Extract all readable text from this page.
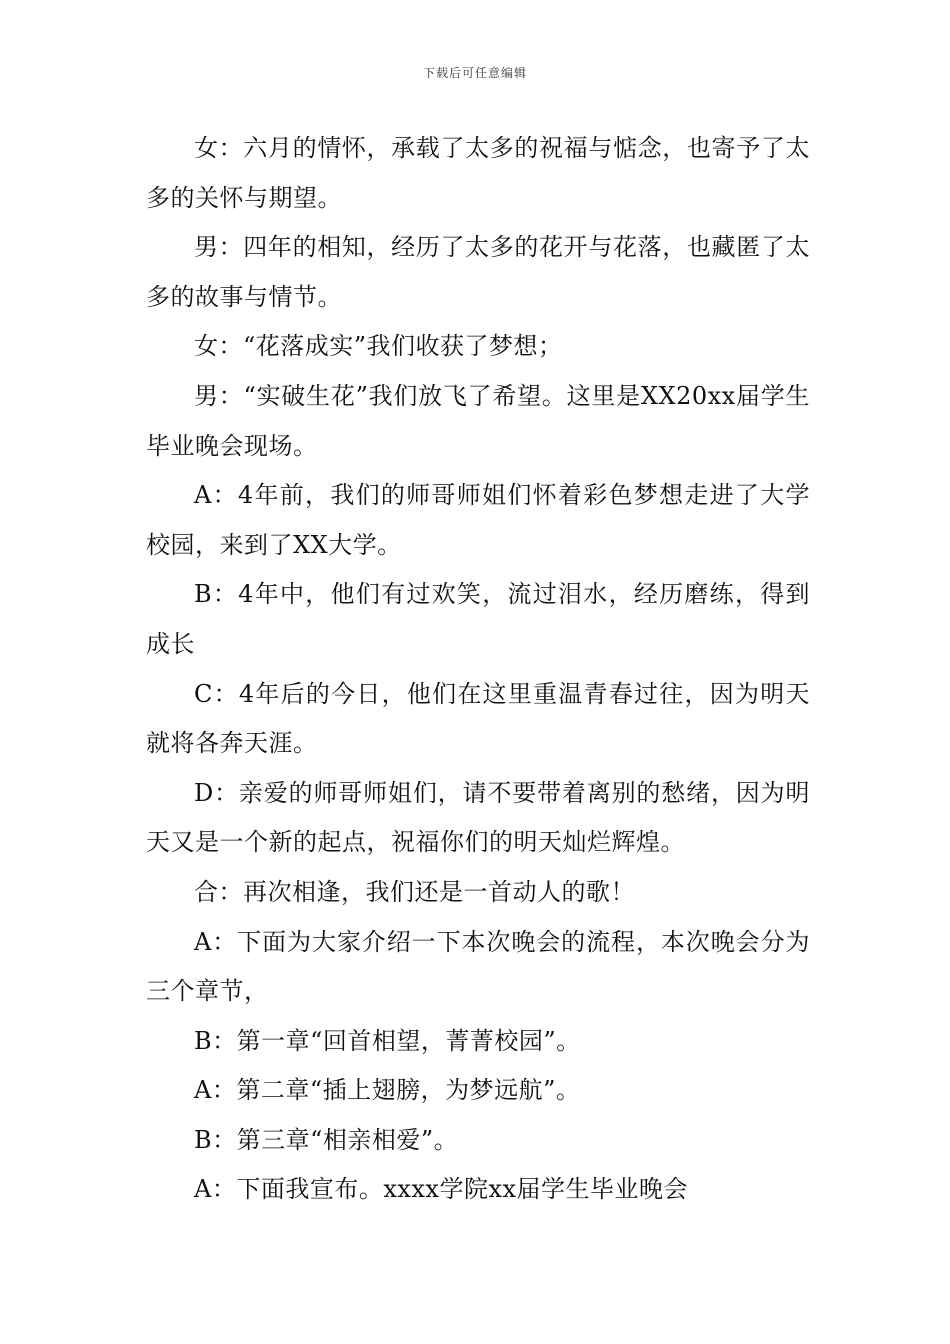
下载后可任意编辑

女：六月的情怀，承载了太多的祝福与惦念，也寄予了太多的关怀与期望。

男：四年的相知，经历了太多的花开与花落，也藏匿了太多的故事与情节。

女：“花落成实”我们收获了梦想；

男：“实破生花”我们放飞了希望。这里是XX20xx届学生毕业晚会现场。

A：4年前，我们的师哥师姐们怀着彩色梦想走进了大学校园，来到了XX大学。

B：4年中，他们有过欢笑，流过泪水，经历磨练，得到成长

C：4年后的今日，他们在这里重温青春过往，因为明天就将各奔天涯。

D：亲爱的师哥师姐们，请不要带着离别的愁绪，因为明天又是一个新的起点，祝福你们的明天灿烂辉煌。

合：再次相逢，我们还是一首动人的歌！

A：下面为大家介绍一下本次晚会的流程，本次晚会分为三个章节，

B：第一章“回首相望，菁菁校园”。

A：第二章“插上翅膀，为梦远航”。

B：第三章“相亲相爱”。

A：下面我宣布。xxxx学院xx届学生毕业晚会
